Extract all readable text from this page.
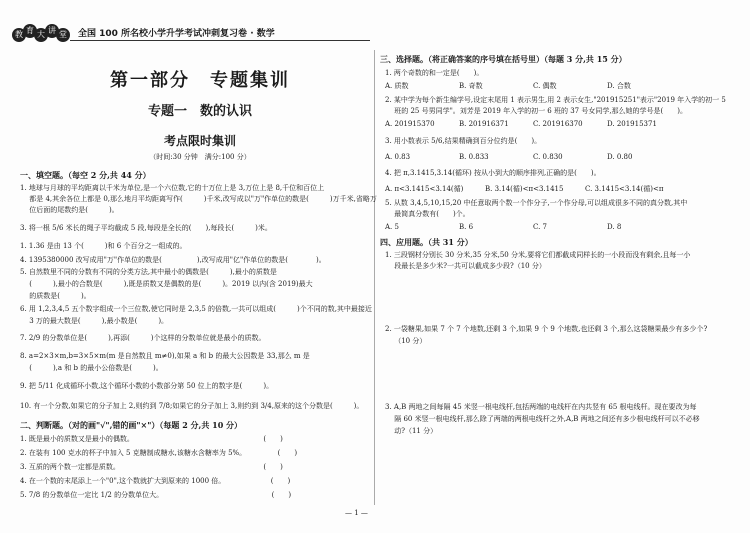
教 育 大 讲 堂	全国 100 所名校小学升学考试冲刺复习卷 · 数学
第一部分　专题集训
专题一　数的认识
考点限时集训
（时间:30 分钟　满分:100 分）
一、填空题。（每空 2 分,共 44 分）
1. 地球与月球的平均距离以千米为单位,是一个六位数,它的十万位上是 3,万位上是 8,千位和百位上
　 都是 4,其余各位上都是 0,那么地月平均距离写作(　　　)千米,改写成以"万"作单位的数是(　　　)万千米,省略万
　 位后面的尾数约是(　　　)。
3. 将一根 5/6 米长的绳子平均截成 5 段,每段是全长的(　　),每段长(　　　)米。
1. 1.36 是由 13 个(　　　)和 6 个百分之一组成的。
4. 1395380000 改写成用"万"作单位的数是(　　　　　),改写成用"亿"作单位的数是(　　　　)。
5. 自然数里不同的分数有不同的分类方法,其中最小的偶数是(　　　),最小的质数是
　 (　　　),最小的合数是(　　　),既是质数又是偶数的是(　　　)。2019 以内(含 2019)最大
　 的质数是(　　　)。
6. 用 1,2,3,4,5 五个数字组成一个三位数,使它同时是 2,3,5 的倍数,一共可以组成(　　　)个不同的数,其中最接近
　 3 万的最大数是(　　　),最小数是(　　　)。
7. 2/9 的分数单位是(　　　),再添(　　　)个这样的分数单位就是最小的质数。
8. a=2×3×m,b=3×5×m(m 是自然数且 m≠0),如果 a 和 b 的最大公因数是 33,那么 m 是
　 (　　　),a 和 b 的最小公倍数是(　　　)。
9. 把 5/11 化成循环小数,这个循环小数的小数部分第 50 位上的数字是(　　　)。
10. 有一个分数,如果它的分子加上 2,则约到 7/8;如果它的分子加上 3,则约到 3/4,原来的这个分数是(　　　)。
二、判断题。（对的画"√",错的画"×"）（每题 2 分,共 10 分）
1. 既是最小的质数又是最小的偶数。　　　　　　　　　　　　　　　　　　　(　　)
2. 在装有 100 克水的杯子中加入 5 克糖制成糖水,该糖水含糖率为 5%。　　　　　(　　)
3. 互质的两个数一定都是质数。　　　　　　　　　　　　　　　　　　　　　(　　)
4. 在一个数的末尾添上一个"0",这个数就扩大到原来的 1000 倍。　　　　　　　(　　)
5. 7/8 的分数单位一定比 1/2 的分数单位大。　　　　　　　　　　　　　　　　(　　)
三、选择题。（将正确答案的序号填在括号里）（每题 3 分,共 15 分）
1. 两个奇数的和一定是(　　)。
A. 质数	B. 奇数	C. 偶数	D. 合数
2. 某中学为每个新生编学号,设定末尾用 1 表示男生,用 2 表示女生,"201915251"表示"2019 年入学的初一 5
　 班的 25 号男同学"。刘芳是 2019 年入学的初一 6 班的 37 号女同学,那么她的学号是(　　)。
A. 201915370	B. 201916371	C. 201916370	D. 201915371
3. 用小数表示 5/6,结果精确到百分位约是(　　)。
A. 0.83	B. 0.833	C. 0.830	D. 0.80
4. 把 π,3.1415,3.14(循环) 按从小到大的顺序排列,正确的是(　　)。
A. π<3.1415<3.14(循)	B. 3.14(循)<π<3.1415	C. 3.1415<3.14(循)<π
5. 从数 3,4,5,10,15,20 中任意取两个数一个作分子,一个作分母,可以组成很多不同的真分数,其中
　 最简真分数有(　　)个。
A. 5	B. 6	C. 7	D. 8
四、应用题。（共 31 分）
1. 三段钢材分别长 30 分米,35 分米,50 分米,要将它们都截成同样长的一小段而没有剩余,且每一小
　 段最长是多少米?一共可以截成多少段?（10 分）
2. 一袋糖果,如果 7 个 7 个地数,还剩 3 个,如果 9 个 9 个地数,也还剩 3 个,那么这袋糖果最少有多少个?
　 （10 分）
3. A,B 两地之间每隔 45 米竖一根电线杆,包括两端的电线杆在内共竖有 65 根电线杆。现在要改为每
　 隔 60 米竖一根电线杆,那么除了两端的两根电线杆之外,A,B 两地之间还有多少根电线杆可以不必移
　 动?（11 分）
— 1 —
